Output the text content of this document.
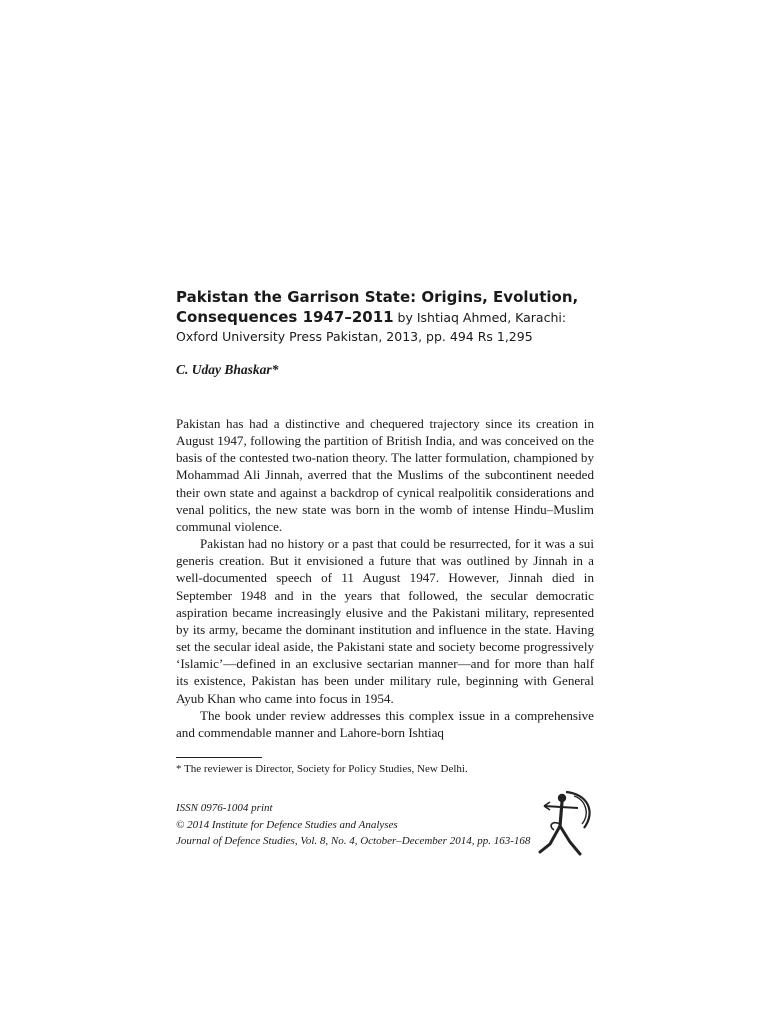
Pakistan the Garrison State: Origins, Evolution,
Consequences 1947–2011 by Ishtiaq Ahmed, Karachi:
Oxford University Press Pakistan, 2013, pp. 494 Rs 1,295
C. Uday Bhaskar*

Pakistan has had a distinctive and chequered trajectory since its creation in August 1947, following the partition of British India, and was conceived on the basis of the contested two-nation theory. The latter formulation, championed by Mohammad Ali Jinnah, averred that the Muslims of the subcontinent needed their own state and against a backdrop of cynical realpolitik considerations and venal politics, the new state was born in the womb of intense Hindu–Muslim communal violence.

Pakistan had no history or a past that could be resurrected, for it was a sui generis creation. But it envisioned a future that was outlined by Jinnah in a well-documented speech of 11 August 1947. However, Jinnah died in September 1948 and in the years that followed, the secular democratic aspiration became increasingly elusive and the Pakistani military, represented by its army, became the dominant institution and influence in the state. Having set the secular ideal aside, the Pakistani state and society become progressively ‘Islamic’—defined in an exclusive sectarian manner—and for more than half its existence, Pakistan has been under military rule, beginning with General Ayub Khan who came into focus in 1954.

The book under review addresses this complex issue in a comprehensive and commendable manner and Lahore-born Ishtiaq

* The reviewer is Director, Society for Policy Studies, New Delhi.
ISSN 0976-1004 print
© 2014 Institute for Defence Studies and Analyses
Journal of Defence Studies, Vol. 8, No. 4, October–December 2014, pp. 163-168
